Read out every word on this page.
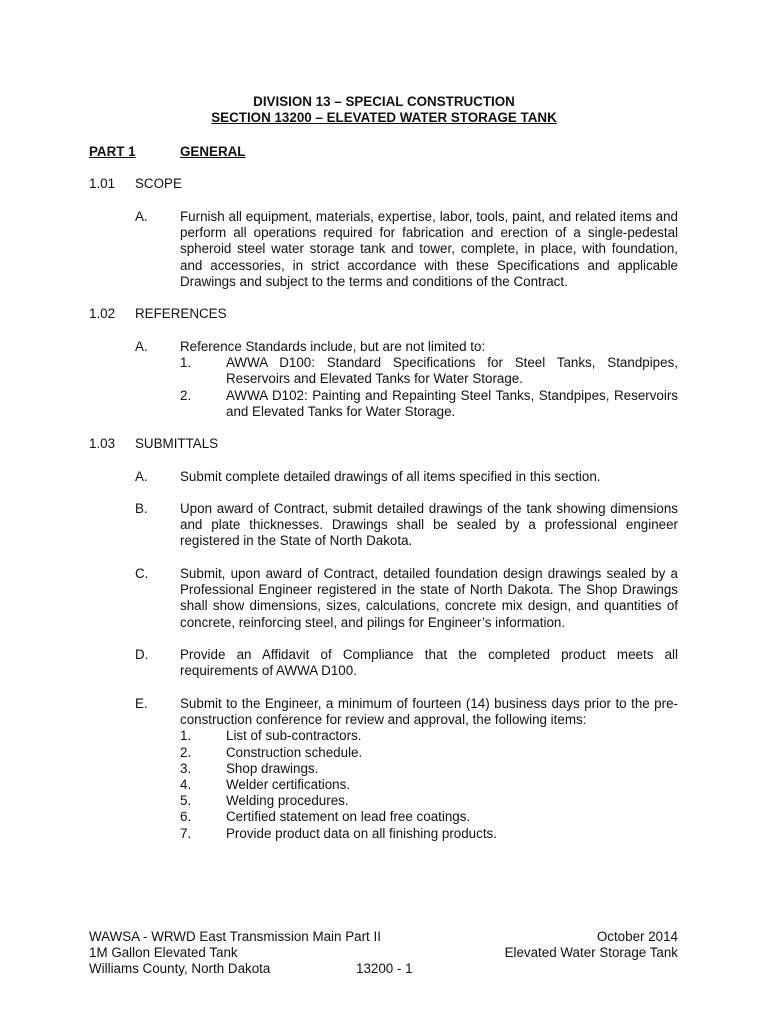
DIVISION 13 – SPECIAL CONSTRUCTION
SECTION 13200 – ELEVATED WATER STORAGE TANK
PART 1	GENERAL
1.01 SCOPE
A. Furnish all equipment, materials, expertise, labor, tools, paint, and related items and perform all operations required for fabrication and erection of a single-pedestal spheroid steel water storage tank and tower, complete, in place, with foundation, and accessories, in strict accordance with these Specifications and applicable Drawings and subject to the terms and conditions of the Contract.
1.02 REFERENCES
A. Reference Standards include, but are not limited to:
1.	AWWA D100: Standard Specifications for Steel Tanks, Standpipes, Reservoirs and Elevated Tanks for Water Storage.
2.	AWWA D102: Painting and Repainting Steel Tanks, Standpipes, Reservoirs and Elevated Tanks for Water Storage.
1.03 SUBMITTALS
A. Submit complete detailed drawings of all items specified in this section.
B. Upon award of Contract, submit detailed drawings of the tank showing dimensions and plate thicknesses. Drawings shall be sealed by a professional engineer registered in the State of North Dakota.
C. Submit, upon award of Contract, detailed foundation design drawings sealed by a Professional Engineer registered in the state of North Dakota. The Shop Drawings shall show dimensions, sizes, calculations, concrete mix design, and quantities of concrete, reinforcing steel, and pilings for Engineer’s information.
D. Provide an Affidavit of Compliance that the completed product meets all requirements of AWWA D100.
E. Submit to the Engineer, a minimum of fourteen (14) business days prior to the pre-construction conference for review and approval, the following items:
1.	List of sub-contractors.
2.	Construction schedule.
3.	Shop drawings.
4.	Welder certifications.
5.	Welding procedures.
6.	Certified statement on lead free coatings.
7.	Provide product data on all finishing products.
WAWSA - WRWD East Transmission Main Part II
1M Gallon Elevated Tank
Williams County, North Dakota	13200 - 1
October 2014
Elevated Water Storage Tank
